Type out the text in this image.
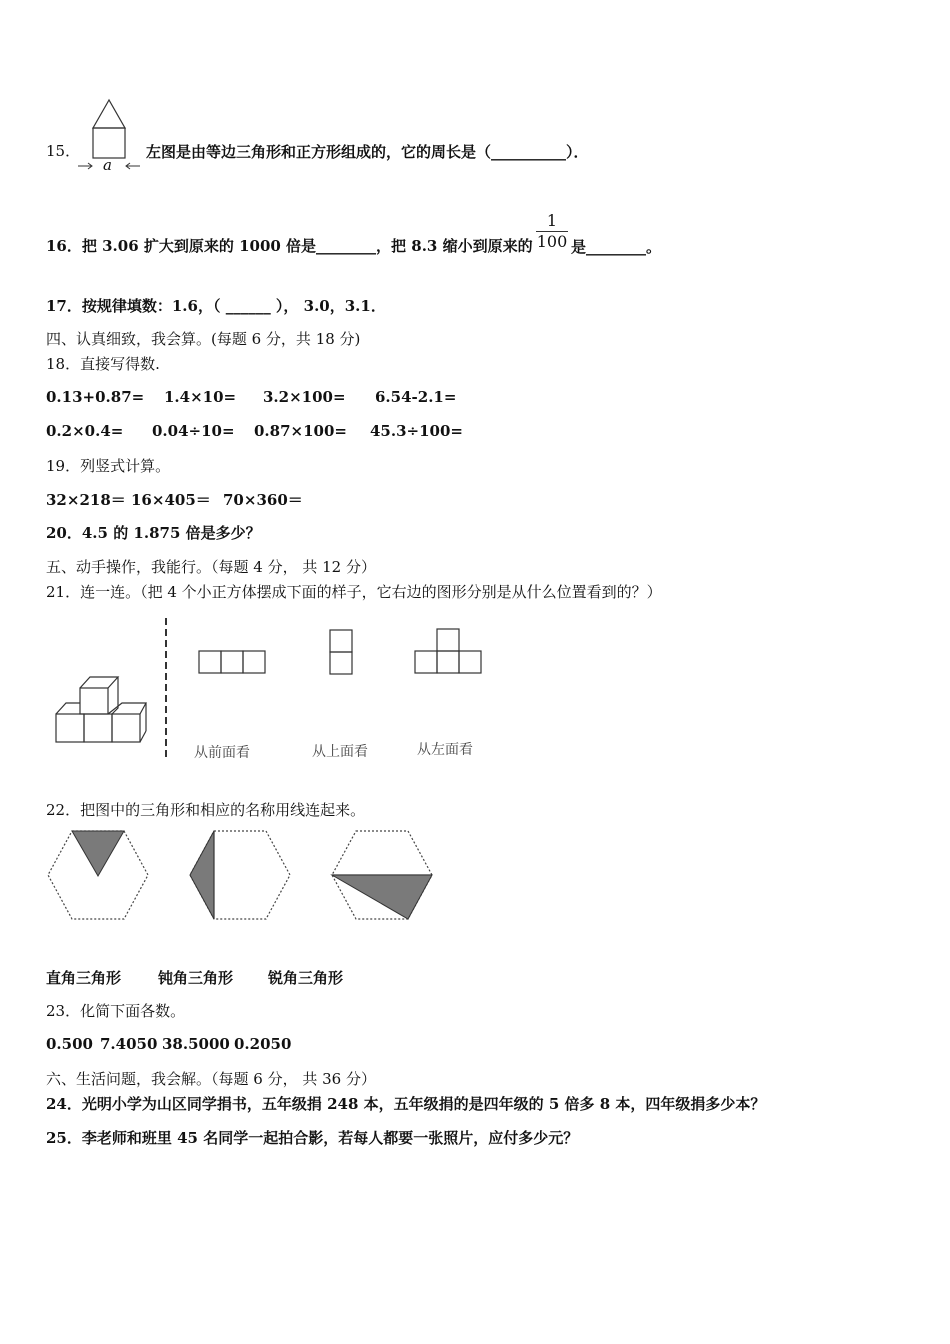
15．
a
左图是由等边三角形和正方形组成的，它的周长是（__________）．
16．把 3.06 扩大到原来的 1000 倍是________，把 8.3 缩小到原来的
1
100 是________。
17．按规律填数：1.6，（ ______ ）， 3.0，3.1．
四、认真细致，我会算。(每题 6 分，共 18 分)
18．直接写得数.
0.13+0.87= 1.4×10= 3.2×100= 6.54-2.1=
0.2×0.4= 0.04÷10= 0.87×100= 45.3÷100=
19．列竖式计算。
32×218＝ 16×405＝ 70×360＝
20．4.5 的 1.875 倍是多少？
五、动手操作，我能行。（每题 4 分， 共 12 分）
21．连一连。（把 4 个小正方体摆成下面的样子，它右边的图形分别是从什么位置看到的？）
从前面看	从上面看	从左面看
22．把图中的三角形和相应的名称用线连起来。
直角三角形 钝角三角形 锐角三角形
23．化简下面各数。
0.500 7.4050 38.5000 0.2050
六、生活问题，我会解。（每题 6 分， 共 36 分）
24．光明小学为山区同学捐书，五年级捐 248 本，五年级捐的是四年级的 5 倍多 8 本，四年级捐多少本？
25．李老师和班里 45 名同学一起拍合影，若每人都要一张照片，应付多少元？
